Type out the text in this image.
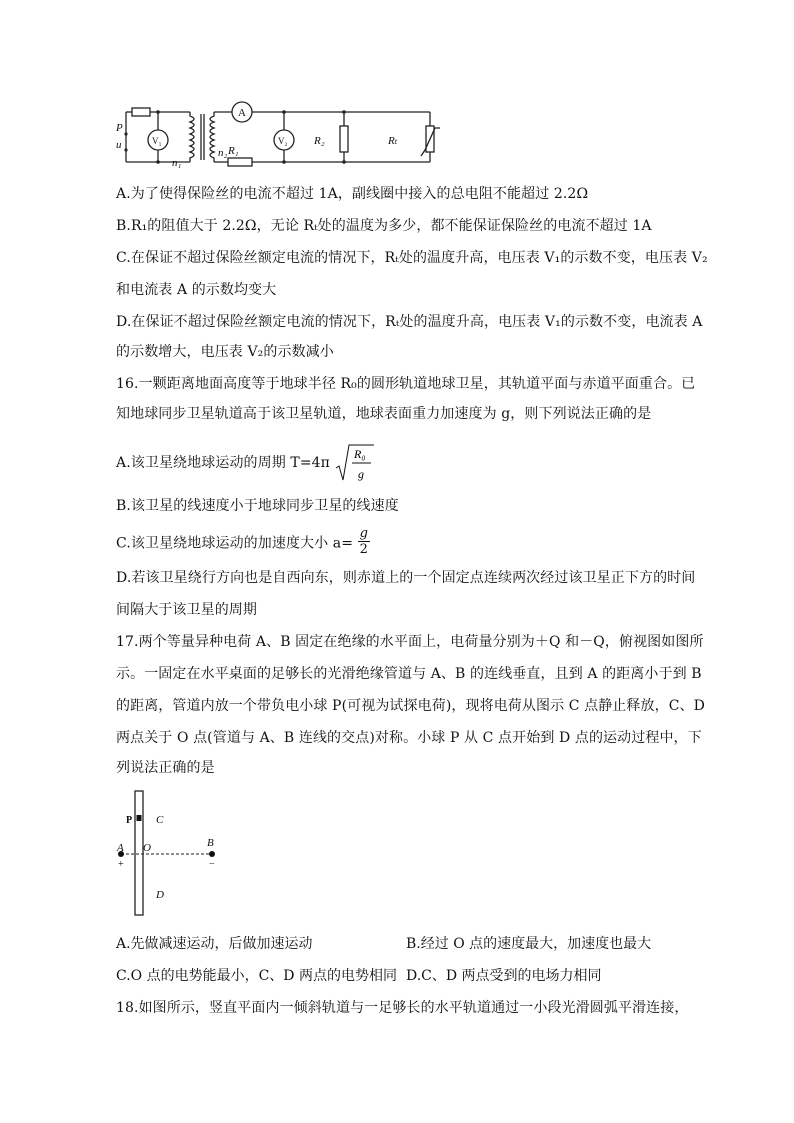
P
u	V₁
n₁
n₂ R₁
A
V₂ R₂	Rₜ
A.为了使得保险丝的电流不超过 1A，副线圈中接入的总电阻不能超过 2.2Ω
B.R₁的阻值大于 2.2Ω，无论 Rₜ处的温度为多少，都不能保证保险丝的电流不超过 1A
C.在保证不超过保险丝额定电流的情况下，Rₜ处的温度升高，电压表 V₁的示数不变，电压表 V₂
和电流表 A 的示数均变大
D.在保证不超过保险丝额定电流的情况下，Rₜ处的温度升高，电压表 V₁的示数不变，电流表 A
的示数增大，电压表 V₂的示数减小
16.一颗距离地面高度等于地球半径 R₀的圆形轨道地球卫星，其轨道平面与赤道平面重合。已
知地球同步卫星轨道高于该卫星轨道，地球表面重力加速度为 g，则下列说法正确的是
A.该卫星绕地球运动的周期 T=4π
R₀
g
B.该卫星的线速度小于地球同步卫星的线速度
C.该卫星绕地球运动的加速度大小 $a= \frac{g}{2}$
D.若该卫星绕行方向也是自西向东，则赤道上的一个固定点连续两次经过该卫星正下方的时间
间隔大于该卫星的周期
17.两个等量异种电荷 A、B 固定在绝缘的水平面上，电荷量分别为＋Q 和－Q，俯视图如图所
示。一固定在水平桌面的足够长的光滑绝缘管道与 A、B 的连线垂直，且到 A 的距离小于到 B
的距离，管道内放一个带负电小球 P(可视为试探电荷)，现将电荷从图示 C 点静止释放，C、D
两点关于 O 点(管道与 A、B 连线的交点)对称。小球 P 从 C 点开始到 D 点的运动过程中，下
列说法正确的是
P C
A O	B
+	−
D
A.先做减速运动，后做加速运动	B.经过 O 点的速度最大，加速度也最大
C.O 点的电势能最小，C、D 两点的电势相同 D.C、D 两点受到的电场力相同
18.如图所示，竖直平面内一倾斜轨道与一足够长的水平轨道通过一小段光滑圆弧平滑连接，
